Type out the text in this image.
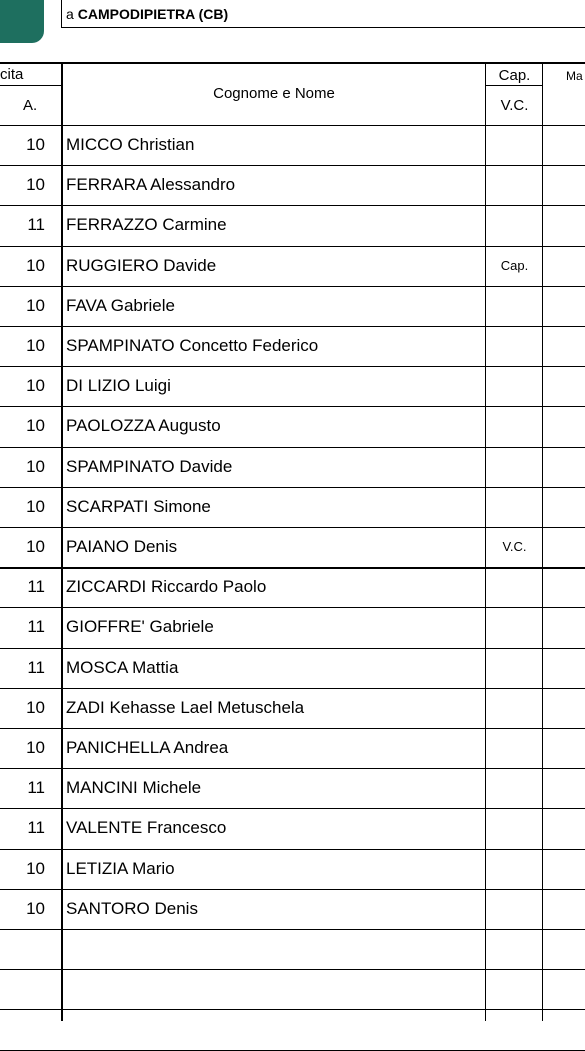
a CAMPODIPIETRA (CB)
cita
A.
Cognome e Nome
Cap.
V.C.
Ma
10 MICCO Christian
10 FERRARA Alessandro
11 FERRAZZO Carmine
10 RUGGIERO Davide	Cap.
10 FAVA Gabriele
10 SPAMPINATO Concetto Federico
10 DI LIZIO Luigi
10 PAOLOZZA Augusto
10 SPAMPINATO Davide
10 SCARPATI Simone
10 PAIANO Denis	V.C.
11 ZICCARDI Riccardo Paolo
11 GIOFFRE' Gabriele
11 MOSCA Mattia
10 ZADI Kehasse Lael Metuschela
10 PANICHELLA Andrea
11 MANCINI Michele
11 VALENTE Francesco
10 LETIZIA Mario
10 SANTORO Denis
